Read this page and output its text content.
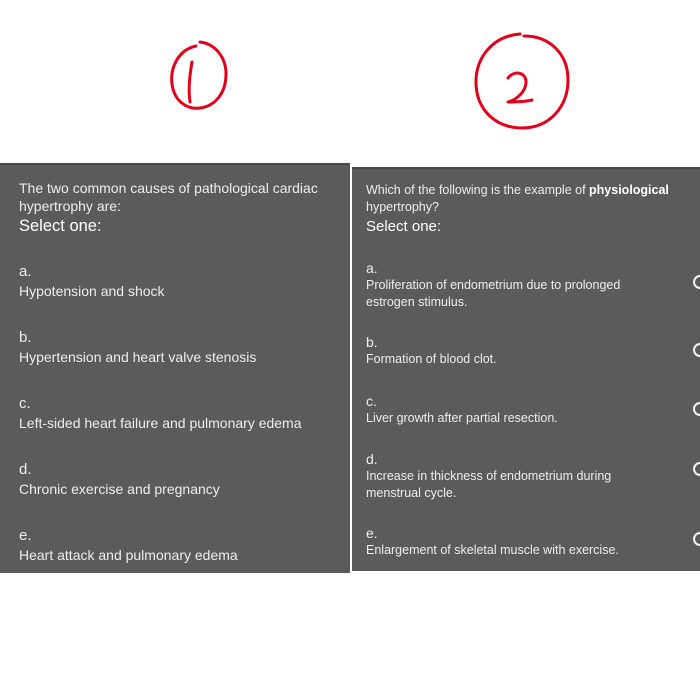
The two common causes of pathological cardiac hypertrophy are:
Select one:
a.
Hypotension and shock
b.
Hypertension and heart valve stenosis
c.
Left-sided heart failure and pulmonary edema
d.
Chronic exercise and pregnancy
e.
Heart attack and pulmonary edema
Which of the following is the example of physiological
hypertrophy?
Select one:
a.
Proliferation of endometrium due to prolonged estrogen stimulus.
b.
Formation of blood clot.
c.
Liver growth after partial resection.
d.
Increase in thickness of endometrium during menstrual cycle.
e.
Enlargement of skeletal muscle with exercise.
